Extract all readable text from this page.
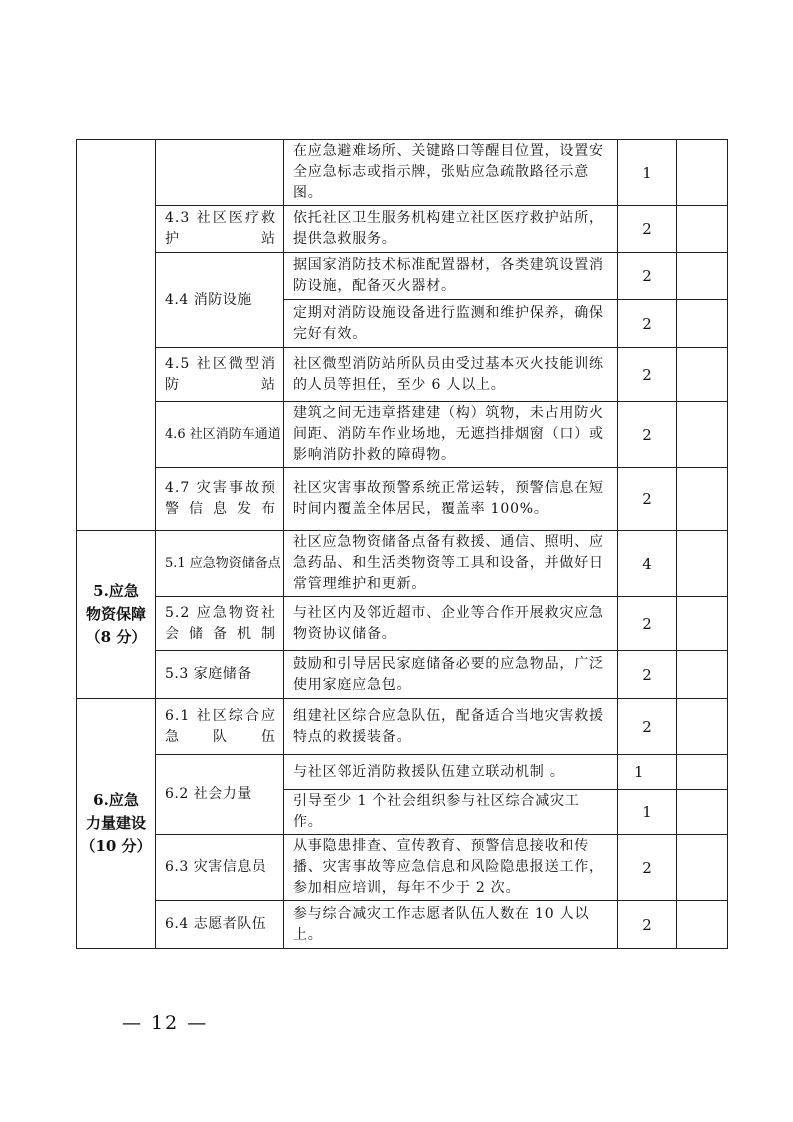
		在应急避难场所、关键路口等醒目位置，设置安全应急标志或指示牌，张贴应急疏散路径示意图。	1	

	4.3 社区医疗救护站	依托社区卫生服务机构建立社区医疗救护站所，提供急救服务。	2	
	4.4 消防设施	据国家消防技术标准配置器材，各类建筑设置消防设施，配备灭火器材。	2	
		定期对消防设施设备进行监测和维护保养，确保完好有效。	2	

	4.5 社区微型消防站	社区微型消防站所队员由受过基本灭火技能训练的人员等担任，至少 6 人以上。	2	
	4.6 社区消防车通道	建筑之间无违章搭建建（构）筑物，未占用防火间距、消防车作业场地，无遮挡排烟窗（口）或影响消防扑救的障碍物。	2	

	4.7 灾害事故预警信息发布	社区灾害事故预警系统正常运转，预警信息在短时间内覆盖全体居民，覆盖率 100%。	2	

5.应急
物资保障
（8 分）	5.1 应急物资储备点	社区应急物资储备点备有救援、通信、照明、应急药品、和生活类物资等工具和设备，并做好日常管理维护和更新。	4	

	5.2 应急物资社会储备机制	与社区内及邻近超市、企业等合作开展救灾应急物资协议储备。	2	
	5.3 家庭储备	鼓励和引导居民家庭储备必要的应急物品，广泛使用家庭应急包。	2	

6.应急
力量建设
（10 分）	6.1 社区综合应急队伍	组建社区综合应急队伍，配备适合当地灾害救援特点的救援装备。	2	
	6.2 社会力量	与社区邻近消防救援队伍建立联动机制 。	1	
		引导至少 1 个社会组织参与社区综合减灾工作。	1	
	6.3 灾害信息员	从事隐患排查、宣传教育、预警信息接收和传播、灾害事故等应急信息和风险隐患报送工作，参加相应培训，每年不少于 2 次。	2	
	6.4 志愿者队伍	参与综合减灾工作志愿者队伍人数在 10 人以上。	2	
— 12 —
